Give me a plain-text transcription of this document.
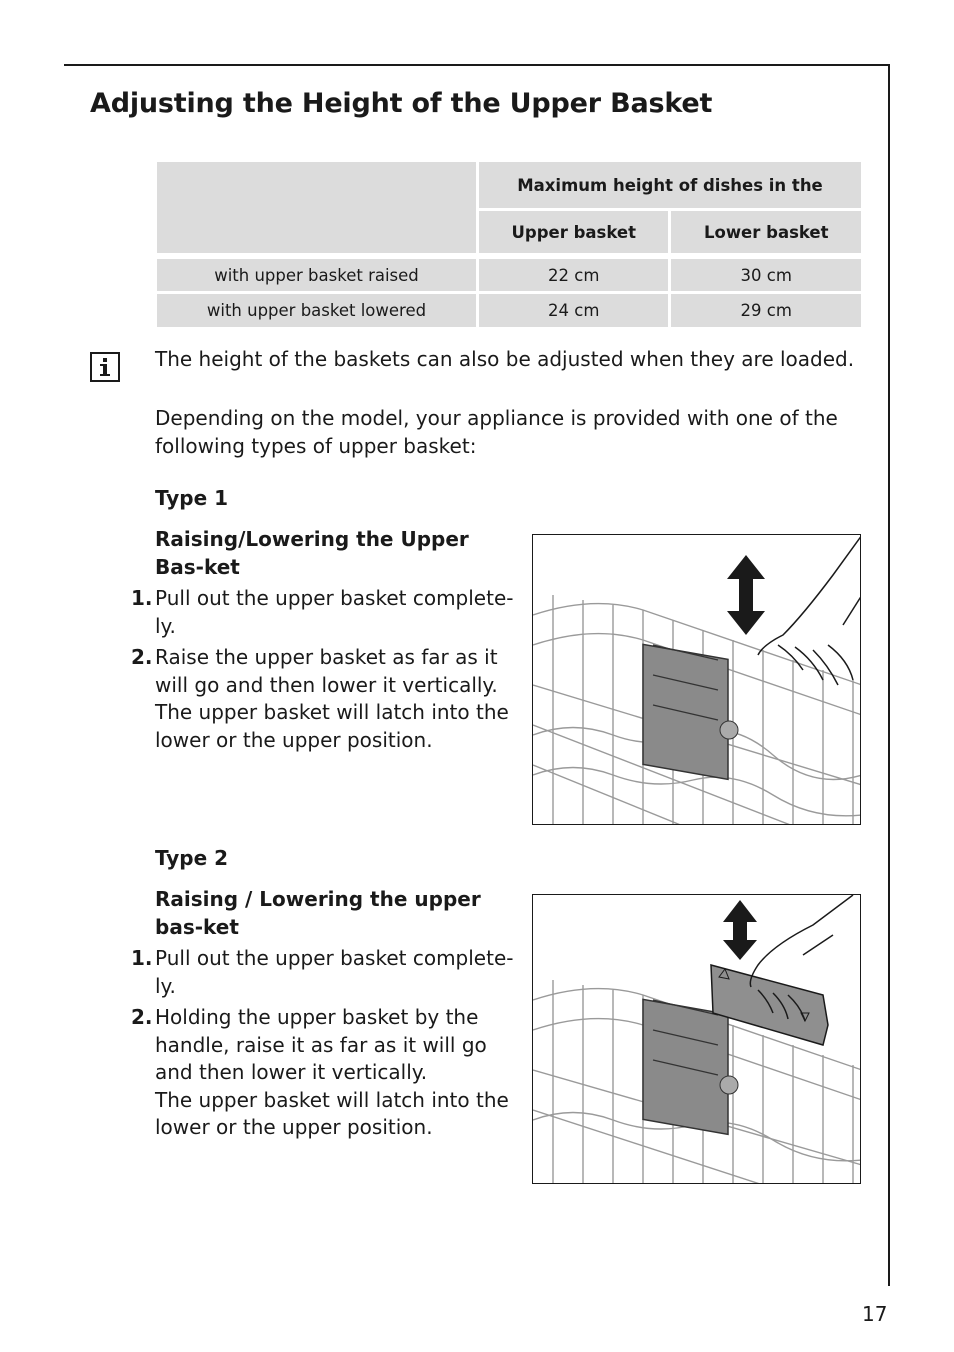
Adjusting the Height of the Upper Basket
	Maximum height of dishes in the	
	Upper basket	Lower basket

with upper basket raised	22 cm	30 cm

with upper basket lowered	24 cm	29 cm

The height of the baskets can also be adjusted when they are loaded.

Depending on the model, your appliance is provided with one of the following types of upper basket:

Type 1

Raising/Lowering the Upper Bas-ket

1. Pull out the upper basket complete-ly.
2. Raise the upper basket as far as it will go and then lower it vertically.
The upper basket will latch into the lower or the upper position.

Type 2

Raising / Lowering the upper bas-ket

1. Pull out the upper basket complete-ly.
2. Holding the upper basket by the handle, raise it as far as it will go and then lower it vertically.
The upper basket will latch into the lower or the upper position.
17
